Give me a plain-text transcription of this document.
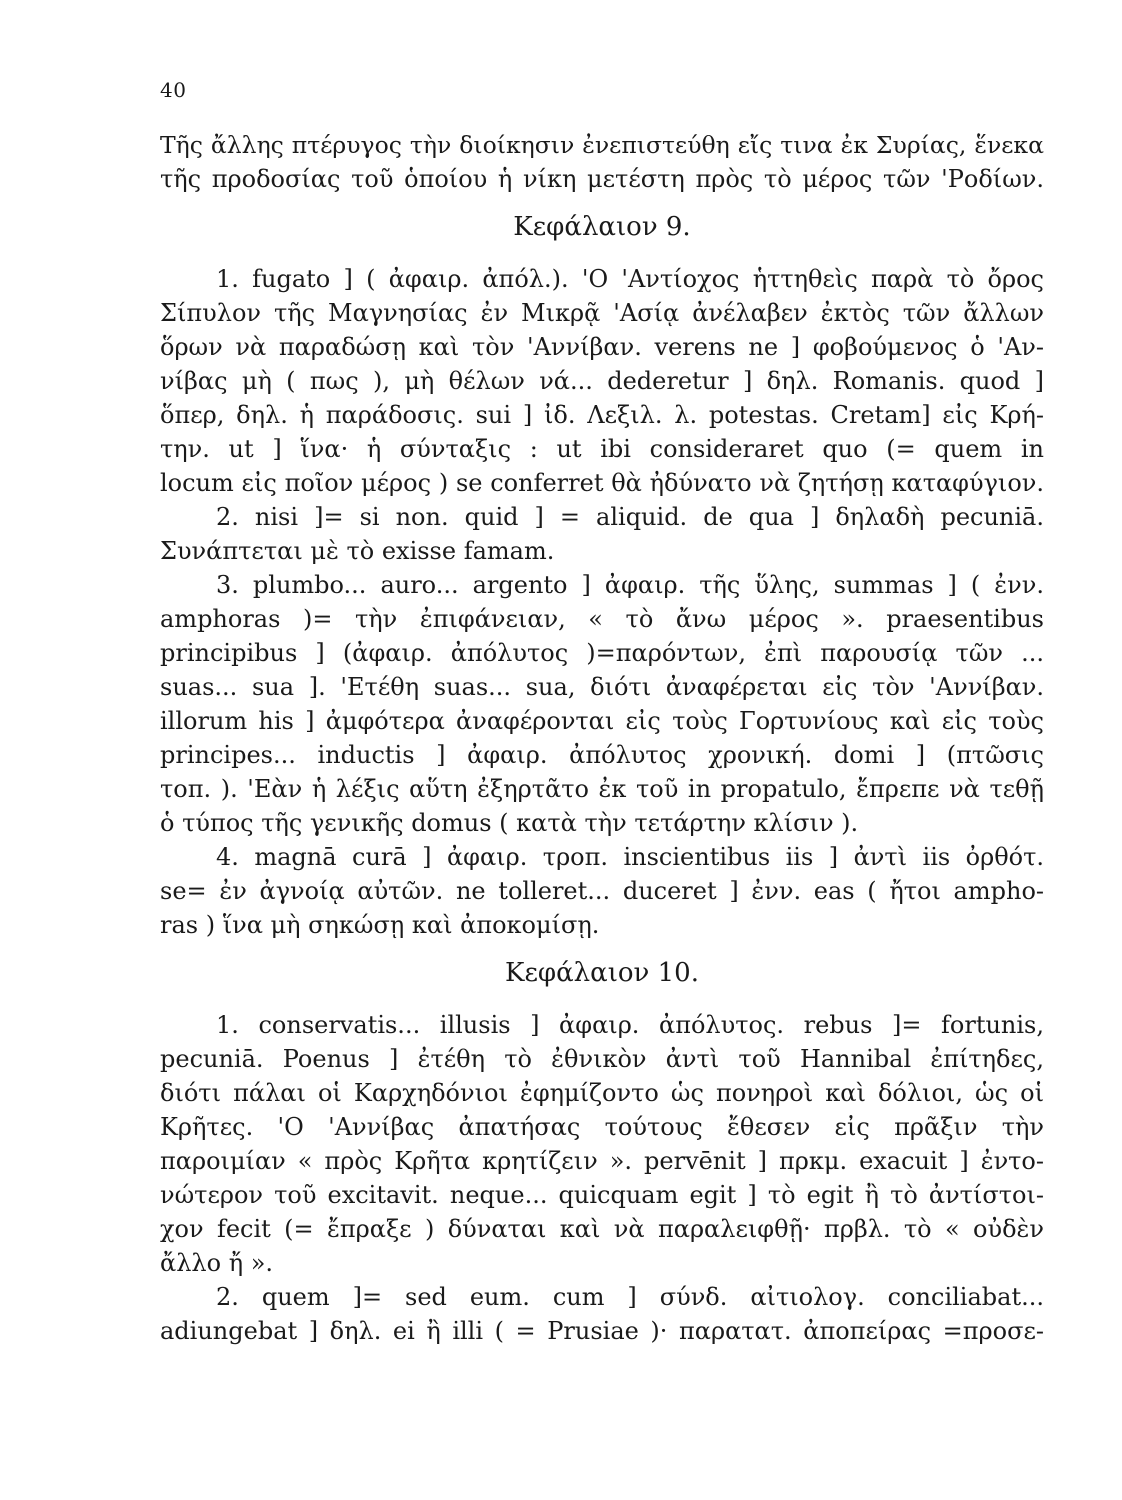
40
Τῆς ἄλλης πτέρυγος τὴν διοίκησιν ἐνεπιστεύθη εἴς τινα ἐκ Συρίας, ἕνεκα
τῆς προδοσίας τοῦ ὁποίου ἡ νίκη μετέστη πρὸς τὸ μέρος τῶν 'Ροδίων.
Κεφάλαιον 9.
1. fugato ] ( ἀφαιρ. ἀπόλ.). 'Ο 'Αντίοχος ἡττηθεὶς παρὰ τὸ ὄρος
Σίπυλον τῆς Μαγνησίας ἐν Μικρᾷ 'Ασίᾳ ἀνέλαβεν ἐκτὸς τῶν ἄλλων
ὅρων νὰ παραδώσῃ καὶ τὸν 'Αννίβαν. verens ne ] φοβούμενος ὁ 'Αν-
νίβας μὴ ( πως ), μὴ θέλων νά... dederetur ] δηλ. Romanis. quod ]
ὅπερ, δηλ. ἡ παράδοσις. sui ] ἰδ. Λεξιλ. λ. potestas. Cretam] εἰς Κρή-
την. ut ] ἵνα· ἡ σύνταξις : ut ibi consideraret quo (= quem in
locum εἰς ποῖον μέρος ) se conferret θὰ ἠδύνατο νὰ ζητήσῃ καταφύγιον.
2. nisi ]= si non. quid ] = aliquid. de qua ] δηλαδὴ pecuniā.
Συνάπτεται μὲ τὸ exisse famam.
3. plumbo... auro... argento ] ἀφαιρ. τῆς ὕλης, summas ] ( ἐνν.
amphoras )= τὴν ἐπιφάνειαν, « τὸ ἄνω μέρος ». praesentibus
principibus ] (ἀφαιρ. ἀπόλυτος )=παρόντων, ἐπὶ παρουσίᾳ τῶν ...
suas... sua ]. 'Ετέθη suas... sua, διότι ἀναφέρεται εἰς τὸν 'Αννίβαν.
illorum his ] ἀμφότερα ἀναφέρονται εἰς τοὺς Γορτυνίους καὶ εἰς τοὺς
principes... inductis ] ἀφαιρ. ἀπόλυτος χρονική. domi ] (πτῶσις
τοπ. ). 'Εὰν ἡ λέξις αὕτη ἐξηρτᾶτο ἐκ τοῦ in propatulo, ἔπρεπε νὰ τεθῇ
ὁ τύπος τῆς γενικῆς domus ( κατὰ τὴν τετάρτην κλίσιν ).
4. magnā curā ] ἀφαιρ. τροπ. inscientibus iis ] ἀντὶ iis ὀρθότ.
se= ἐν ἀγνοίᾳ αὐτῶν. ne tolleret... duceret ] ἐνν. eas ( ἤτοι ampho-
ras ) ἵνα μὴ σηκώσῃ καὶ ἀποκομίσῃ.
Κεφάλαιον 10.
1. conservatis... illusis ] ἀφαιρ. ἀπόλυτος. rebus ]= fortunis,
pecuniā. Poenus ] ἐτέθη τὸ ἐθνικὸν ἀντὶ τοῦ Hannibal ἐπίτηδες,
διότι πάλαι οἱ Καρχηδόνιοι ἐφημίζοντο ὡς πονηροὶ καὶ δόλιοι, ὡς οἱ
Κρῆτες. 'Ο 'Αννίβας ἀπατήσας τούτους ἔθεσεν εἰς πρᾶξιν τὴν
παροιμίαν « πρὸς Κρῆτα κρητίζειν ». pervēnit ] πρκμ. exacuit ] ἐντο-
νώτερον τοῦ excitavit. neque... quicquam egit ] τὸ egit ἢ τὸ ἀντίστοι-
χον fecit (= ἔπραξε ) δύναται καὶ νὰ παραλειφθῇ· πρβλ. τὸ « οὐδὲν
ἄλλο ἤ ».
2. quem ]= sed eum. cum ] σύνδ. αἰτιολογ. conciliabat...
adiungebat ] δηλ. ei ἢ illi ( = Prusiae )· παρατατ. ἀποπείρας =προσε-
